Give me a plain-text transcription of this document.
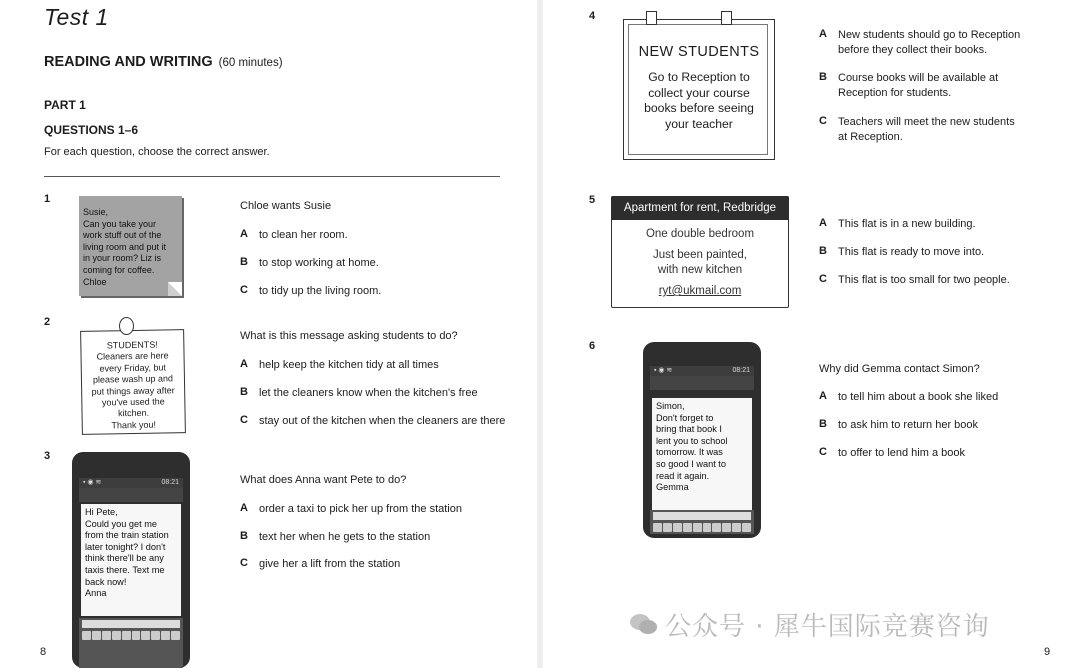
Test 1
READING AND WRITING (60 minutes)
PART 1
QUESTIONS 1–6
For each question, choose the correct answer.
1
Susie,
Can you take your
work stuff out of the
living room and put it
in your room? Liz is
coming for coffee.
Chloe
Chloe wants Susie
A	to clean her room.
B	to stop working at home.
C	to tidy up the living room.
2
STUDENTS!
Cleaners are here
every Friday, but
please wash up and
put things away after
you've used the
kitchen.
Thank you!
What is this message asking students to do?
A	help keep the kitchen tidy at all times
B	let the cleaners know when the kitchen's free
C	stay out of the kitchen when the cleaners are there
3
▪ ◉ ≋	08:21
Hi Pete,
Could you get me
from the train station
later tonight? I don't
think there'll be any
taxis there. Text me
back now!
Anna
What does Anna want Pete to do?
A	order a taxi to pick her up from the station
B	text her when he gets to the station
C	give her a lift from the station
8
4
NEW STUDENTS
Go to Reception to
collect your course
books before seeing
your teacher
A	New students should go to Reception before they collect their books.
B	Course books will be available at Reception for students.
C	Teachers will meet the new students at Reception.
5
Apartment for rent, Redbridge
One double bedroom
Just been painted,
with new kitchen
ryt@ukmail.com
A	This flat is in a new building.
B	This flat is ready to move into.
C	This flat is too small for two people.
6
▪ ◉ ≋	08:21
Simon,
Don't forget to
bring that book I
lent you to school
tomorrow. It was
so good I want to
read it again.
Gemma
Why did Gemma contact Simon?
A	to tell him about a book she liked
B	to ask him to return her book
C	to offer to lend him a book
公众号 · 犀牛国际竞赛咨询
9
